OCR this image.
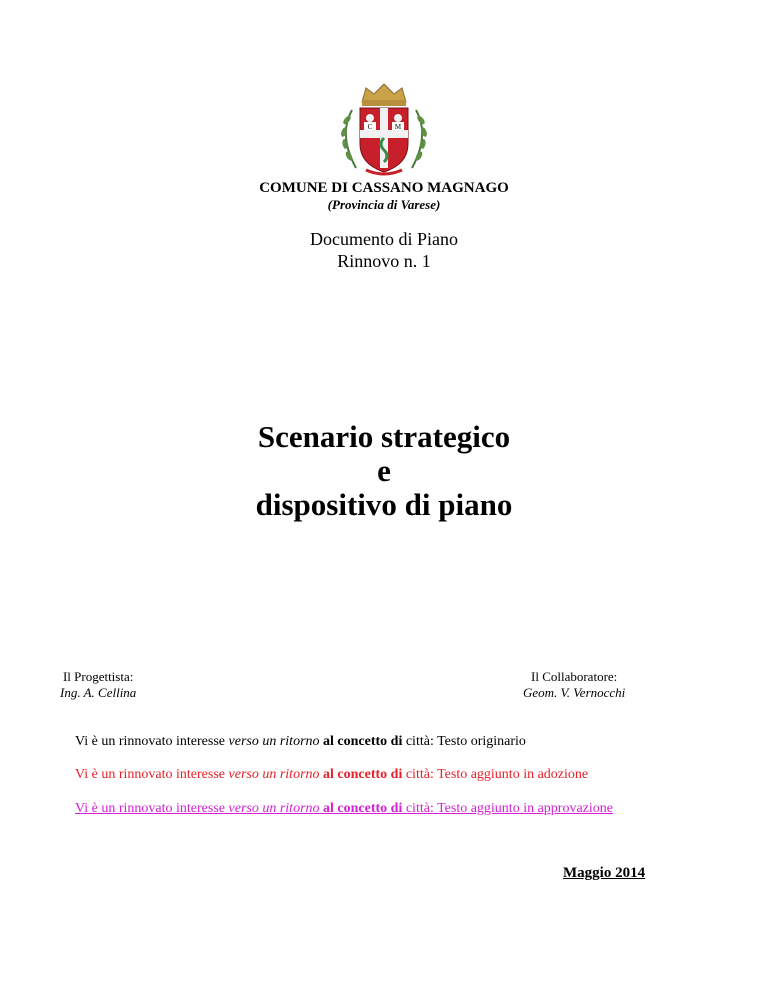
C	M
COMUNE DI CASSANO MAGNAGO
(Provincia di Varese)
Documento di Piano
Rinnovo n. 1
Scenario strategico
e
dispositivo di piano
Il Progettista:
Ing. A. Cellina
Il Collaboratore:
Geom. V. Vernocchi
Vi è un rinnovato interesse verso un ritorno al concetto di città: Testo originario
Vi è un rinnovato interesse verso un ritorno al concetto di città: Testo aggiunto in adozione
Vi è un rinnovato interesse verso un ritorno al concetto di città: Testo aggiunto in approvazione
Maggio 2014
